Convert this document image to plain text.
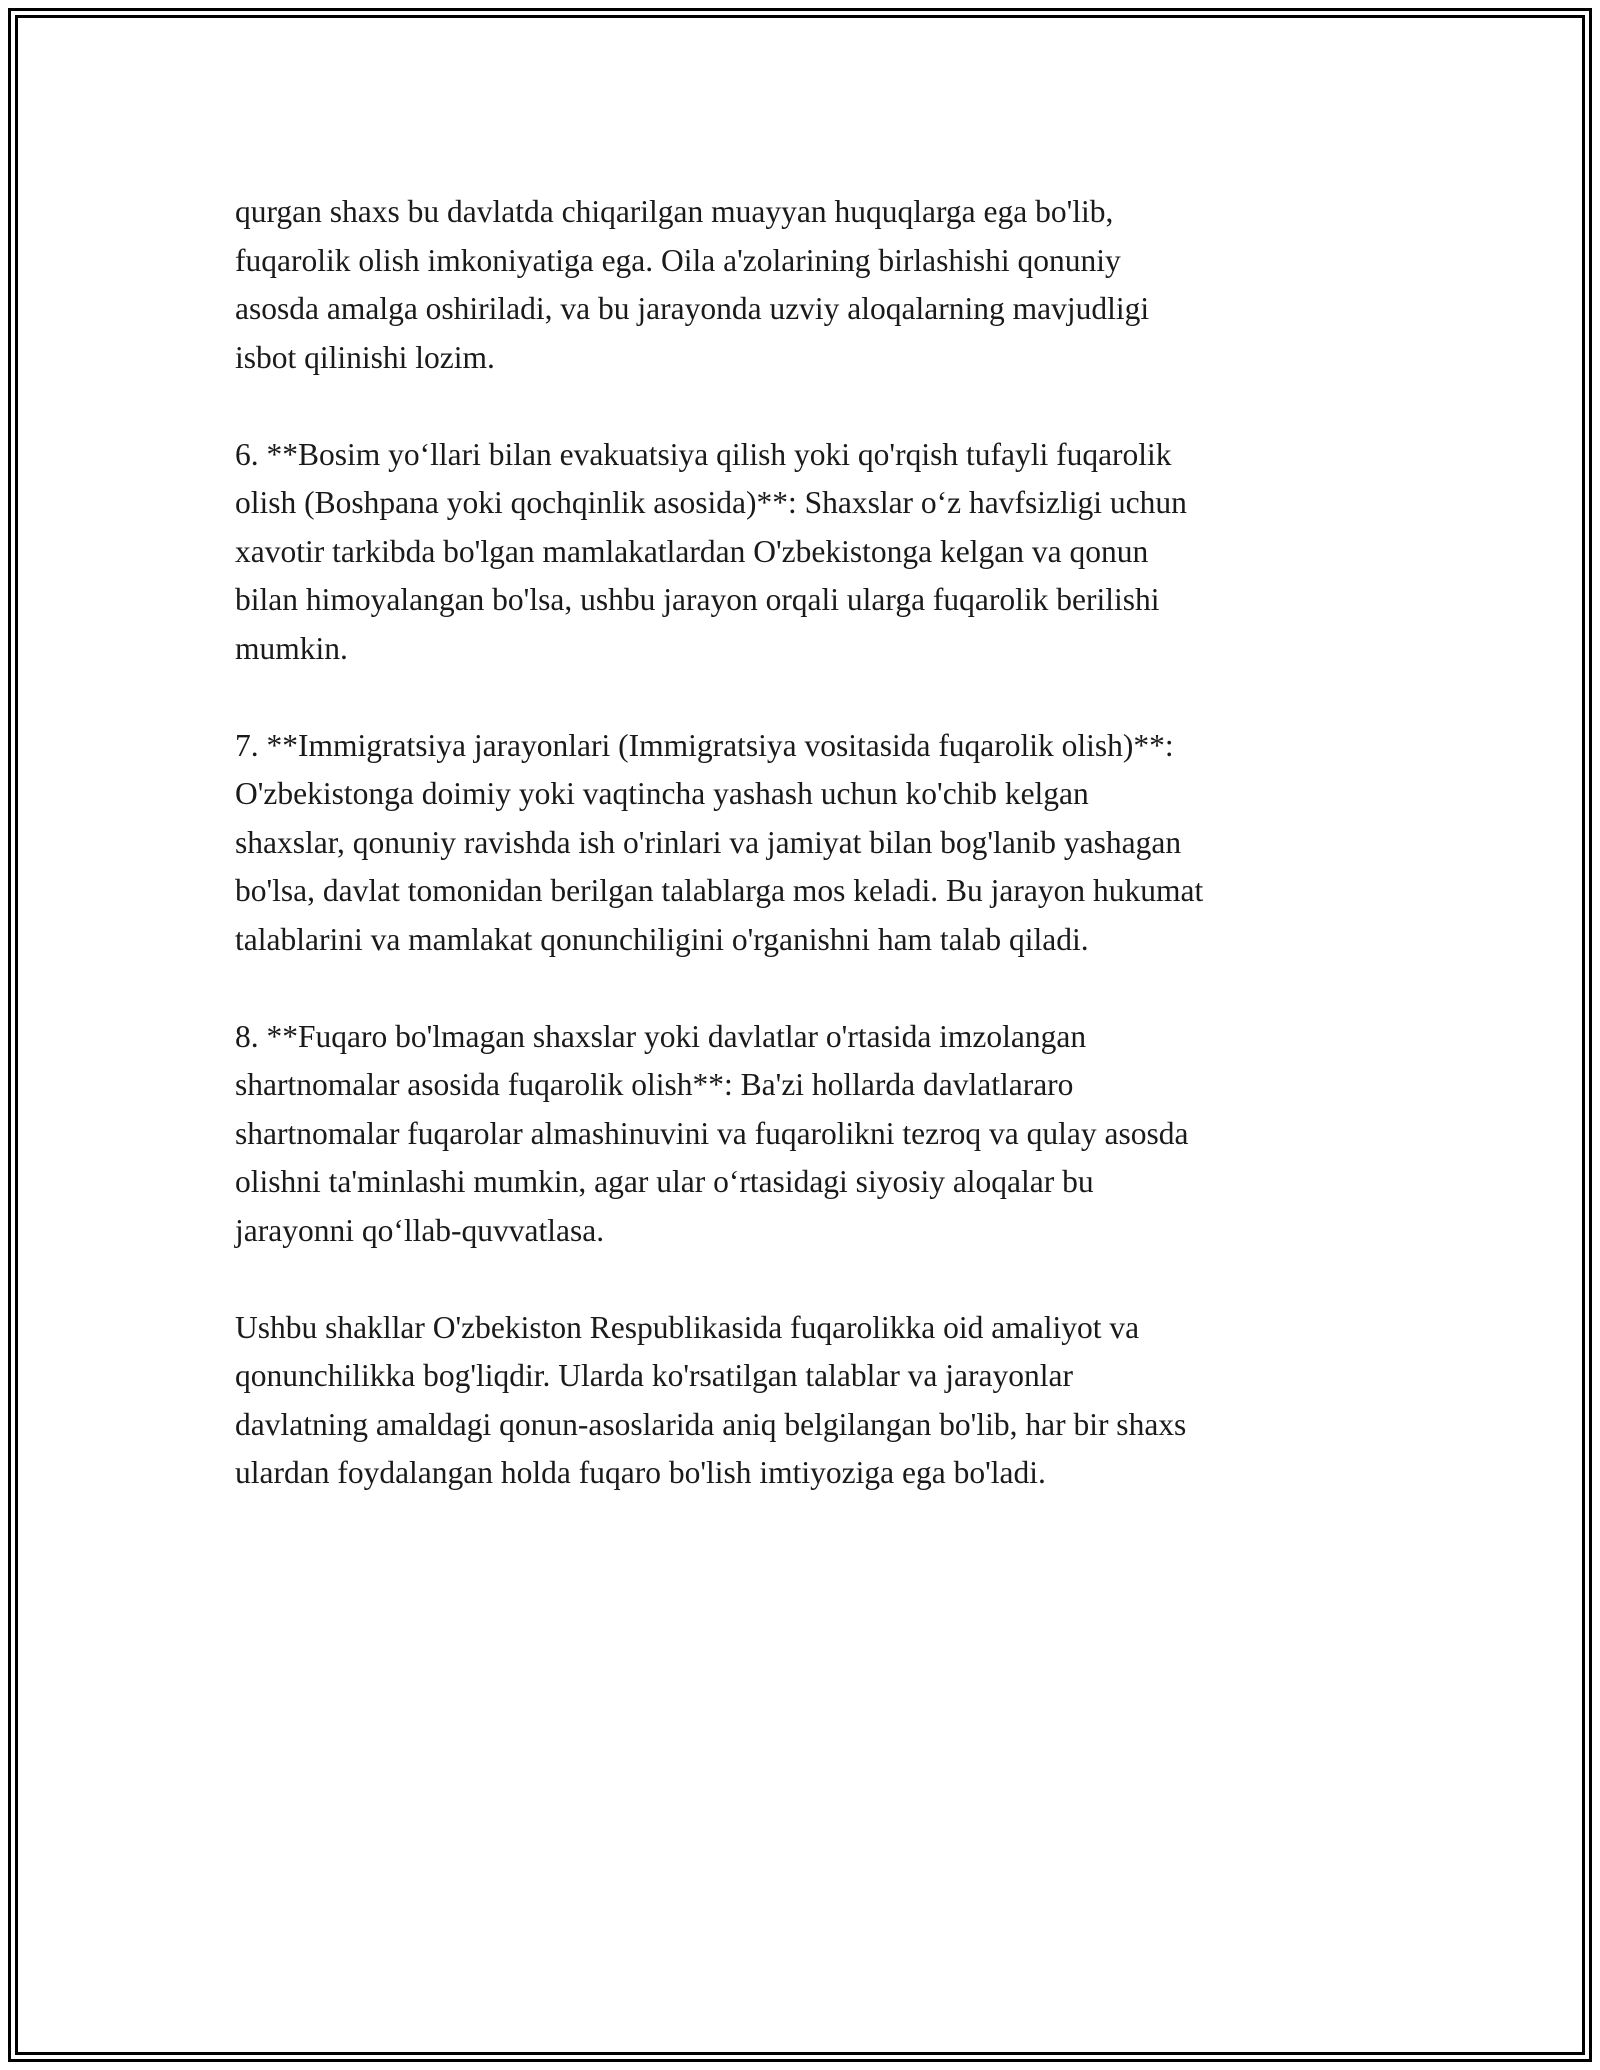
qurgan shaxs bu davlatda chiqarilgan muayyan huquqlarga ega bo'lib,
fuqarolik olish imkoniyatiga ega. Oila a'zolarining birlashishi qonuniy
asosda amalga oshiriladi, va bu jarayonda uzviy aloqalarning mavjudligi
isbot qilinishi lozim.

6. **Bosim yo‘llari bilan evakuatsiya qilish yoki qo'rqish tufayli fuqarolik
olish (Boshpana yoki qochqinlik asosida)**: Shaxslar o‘z havfsizligi uchun
xavotir tarkibda bo'lgan mamlakatlardan O'zbekistonga kelgan va qonun
bilan himoyalangan bo'lsa, ushbu jarayon orqali ularga fuqarolik berilishi
mumkin.

7. **Immigratsiya jarayonlari (Immigratsiya vositasida fuqarolik olish)**:
O'zbekistonga doimiy yoki vaqtincha yashash uchun ko'chib kelgan
shaxslar, qonuniy ravishda ish o'rinlari va jamiyat bilan bog'lanib yashagan
bo'lsa, davlat tomonidan berilgan talablarga mos keladi. Bu jarayon hukumat
talablarini va mamlakat qonunchiligini o'rganishni ham talab qiladi.

8. **Fuqaro bo'lmagan shaxslar yoki davlatlar o'rtasida imzolangan
shartnomalar asosida fuqarolik olish**: Ba'zi hollarda davlatlararo
shartnomalar fuqarolar almashinuvini va fuqarolikni tezroq va qulay asosda
olishni ta'minlashi mumkin, agar ular o‘rtasidagi siyosiy aloqalar bu
jarayonni qo‘llab-quvvatlasa.

Ushbu shakllar O'zbekiston Respublikasida fuqarolikka oid amaliyot va
qonunchilikka bog'liqdir. Ularda ko'rsatilgan talablar va jarayonlar
davlatning amaldagi qonun-asoslarida aniq belgilangan bo'lib, har bir shaxs
ulardan foydalangan holda fuqaro bo'lish imtiyoziga ega bo'ladi.
